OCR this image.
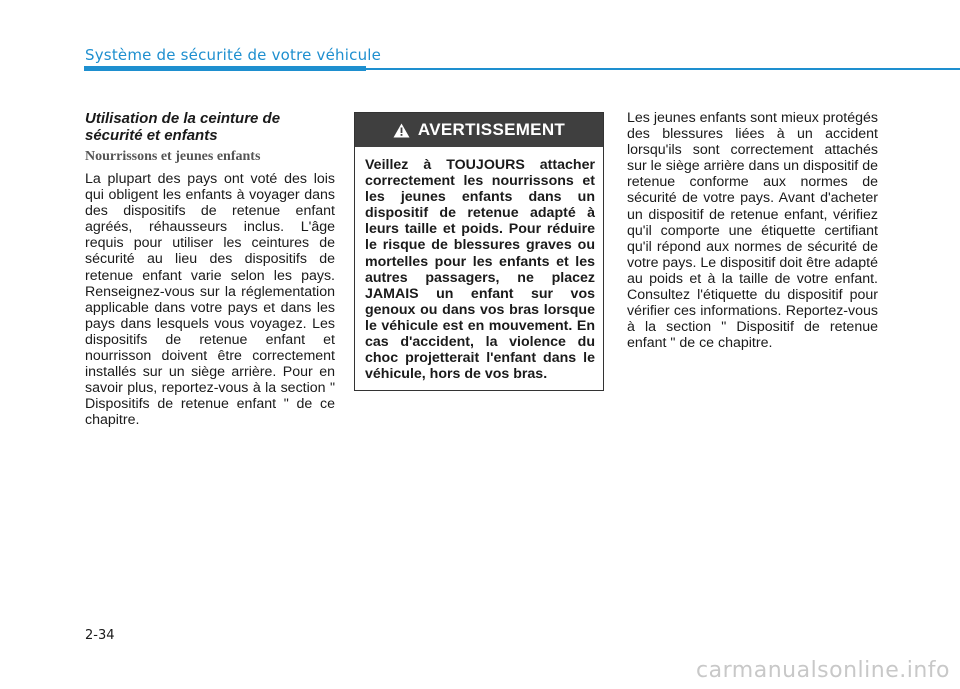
Système de sécurité de votre véhicule
Utilisation de la ceinture de sécurité et enfants
Nourrissons et jeunes enfants

La plupart des pays ont voté des lois qui obligent les enfants à voyager dans des dispositifs de retenue enfant agréés, réhausseurs inclus. L'âge requis pour utiliser les ceintures de sécurité au lieu des dispositifs de retenue enfant varie selon les pays. Renseignez-vous sur la réglementation applicable dans votre pays et dans les pays dans lesquels vous voyagez. Les dispositifs de retenue enfant et nourrisson doivent être correctement installés sur un siège arrière. Pour en savoir plus, reportez-vous à la section " Dispositifs de retenue enfant " de ce chapitre.

AVERTISSEMENT

Veillez à TOUJOURS attacher correctement les nourrissons et les jeunes enfants dans un dispositif de retenue adapté à leurs taille et poids. Pour réduire le risque de blessures graves ou mortelles pour les enfants et les autres passagers, ne placez JAMAIS un enfant sur vos genoux ou dans vos bras lorsque le véhicule est en mouvement. En cas d'accident, la violence du choc projetterait l'enfant dans le véhicule, hors de vos bras.

Les jeunes enfants sont mieux protégés des blessures liées à un accident lorsqu'ils sont correctement attachés sur le siège arrière dans un dispositif de retenue conforme aux normes de sécurité de votre pays. Avant d'acheter un dispositif de retenue enfant, vérifiez qu'il comporte une étiquette certifiant qu'il répond aux normes de sécurité de votre pays. Le dispositif doit être adapté au poids et à la taille de votre enfant. Consultez l'étiquette du dispositif pour vérifier ces informations. Reportez-vous à la section " Dispositif de retenue enfant " de ce chapitre.

2-34
carmanualsonline.info
